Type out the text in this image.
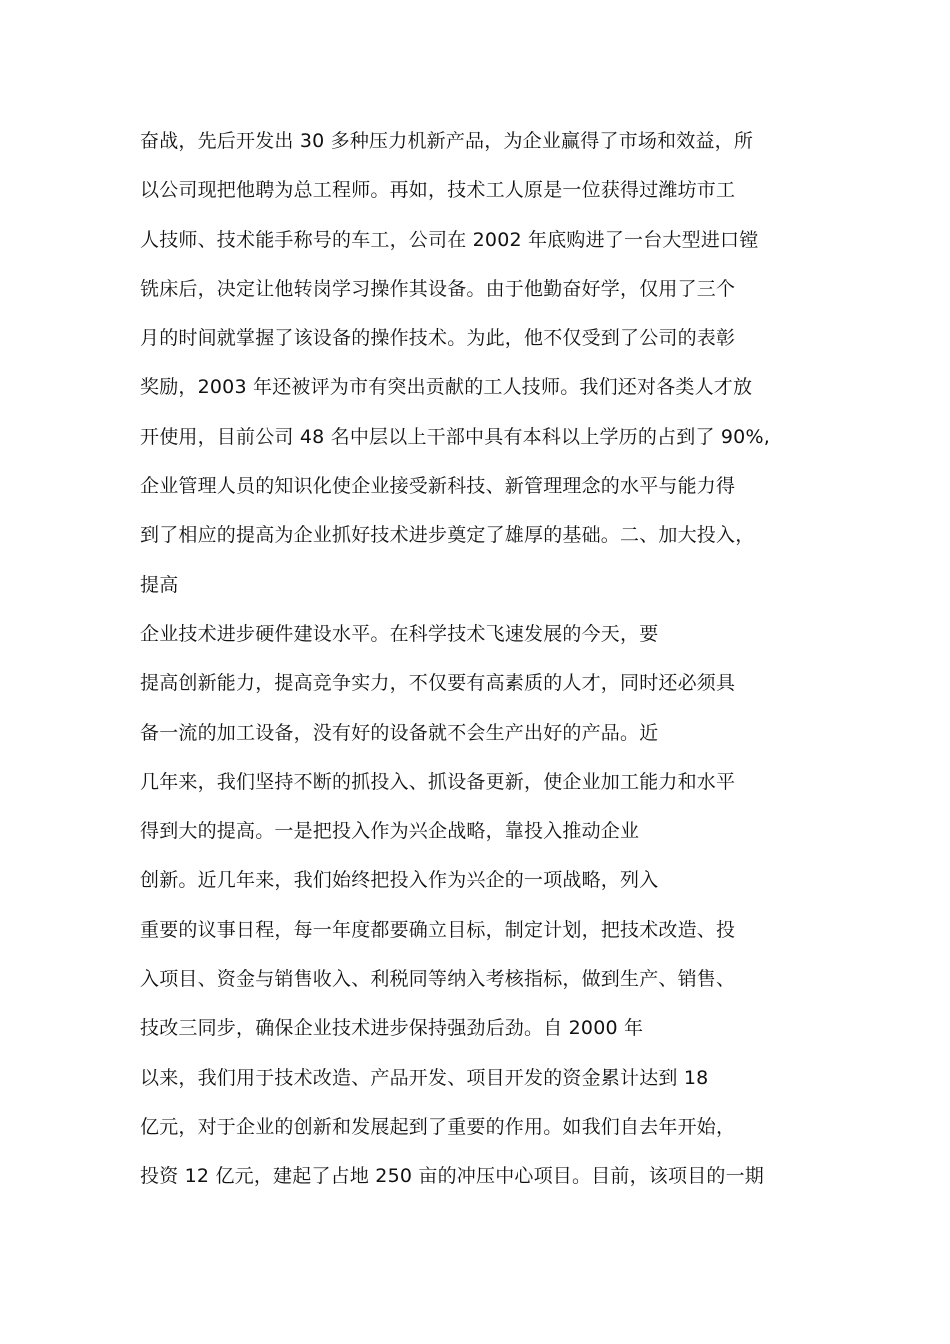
奋战，先后开发出 30 多种压力机新产品，为企业赢得了市场和效益，所
以公司现把他聘为总工程师。再如，技术工人原是一位获得过潍坊市工
人技师、技术能手称号的车工，公司在 2002 年底购进了一台大型进口镗
铣床后，决定让他转岗学习操作其设备。由于他勤奋好学，仅用了三个
月的时间就掌握了该设备的操作技术。为此，他不仅受到了公司的表彰
奖励，2003 年还被评为市有突出贡献的工人技师。我们还对各类人才放
开使用，目前公司 48 名中层以上干部中具有本科以上学历的占到了 90%,
企业管理人员的知识化使企业接受新科技、新管理理念的水平与能力得
到了相应的提高为企业抓好技术进步奠定了雄厚的基础。二、加大投入，
提高
企业技术进步硬件建设水平。在科学技术飞速发展的今天，要
提高创新能力，提高竞争实力，不仅要有高素质的人才，同时还必须具
备一流的加工设备，没有好的设备就不会生产出好的产品。近
几年来，我们坚持不断的抓投入、抓设备更新，使企业加工能力和水平
得到大的提高。一是把投入作为兴企战略，靠投入推动企业
创新。近几年来，我们始终把投入作为兴企的一项战略，列入
重要的议事日程，每一年度都要确立目标，制定计划，把技术改造、投
入项目、资金与销售收入、利税同等纳入考核指标，做到生产、销售、
技改三同步，确保企业技术进步保持强劲后劲。自 2000 年
以来，我们用于技术改造、产品开发、项目开发的资金累计达到 18
亿元，对于企业的创新和发展起到了重要的作用。如我们自去年开始，
投资 12 亿元，建起了占地 250 亩的冲压中心项目。目前，该项目的一期
